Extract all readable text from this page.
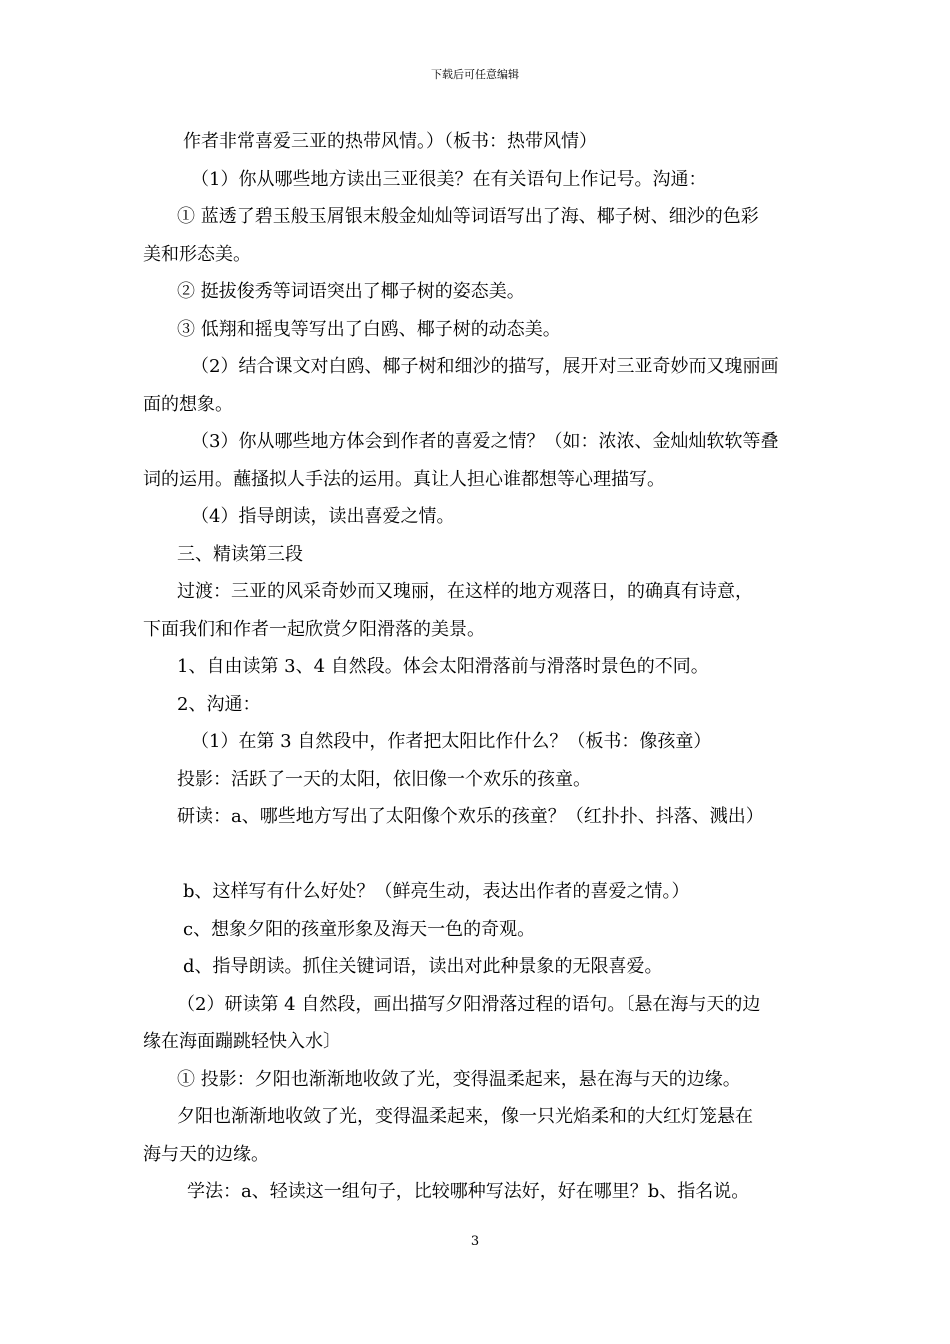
下载后可任意编辑

作者非常喜爱三亚的热带风情。）（板书：热带风情）

（1）你从哪些地方读出三亚很美？在有关语句上作记号。沟通：

① 蓝透了碧玉般玉屑银末般金灿灿等词语写出了海、椰子树、细沙的色彩

美和形态美。

② 挺拔俊秀等词语突出了椰子树的姿态美。

③ 低翔和摇曳等写出了白鸥、椰子树的动态美。

（2）结合课文对白鸥、椰子树和细沙的描写，展开对三亚奇妙而又瑰丽画

面的想象。

（3）你从哪些地方体会到作者的喜爱之情？（如：浓浓、金灿灿软软等叠

词的运用。蘸搔拟人手法的运用。真让人担心谁都想等心理描写。

（4）指导朗读，读出喜爱之情。

三、精读第三段

过渡：三亚的风采奇妙而又瑰丽，在这样的地方观落日，的确真有诗意，

下面我们和作者一起欣赏夕阳滑落的美景。

1、自由读第 3、4 自然段。体会太阳滑落前与滑落时景色的不同。

2、沟通：

（1）在第 3 自然段中，作者把太阳比作什么？（板书：像孩童）

投影：活跃了一天的太阳，依旧像一个欢乐的孩童。

研读：a、哪些地方写出了太阳像个欢乐的孩童？（红扑扑、抖落、溅出）

b、这样写有什么好处？（鲜亮生动，表达出作者的喜爱之情。）

c、想象夕阳的孩童形象及海天一色的奇观。

d、指导朗读。抓住关键词语，读出对此种景象的无限喜爱。

（2）研读第 4 自然段，画出描写夕阳滑落过程的语句。〔悬在海与天的边

缘在海面蹦跳轻快入水〕

① 投影：夕阳也渐渐地收敛了光，变得温柔起来，悬在海与天的边缘。

夕阳也渐渐地收敛了光，变得温柔起来，像一只光焰柔和的大红灯笼悬在

海与天的边缘。

学法：a、轻读这一组句子，比较哪种写法好，好在哪里？b、指名说。

3
